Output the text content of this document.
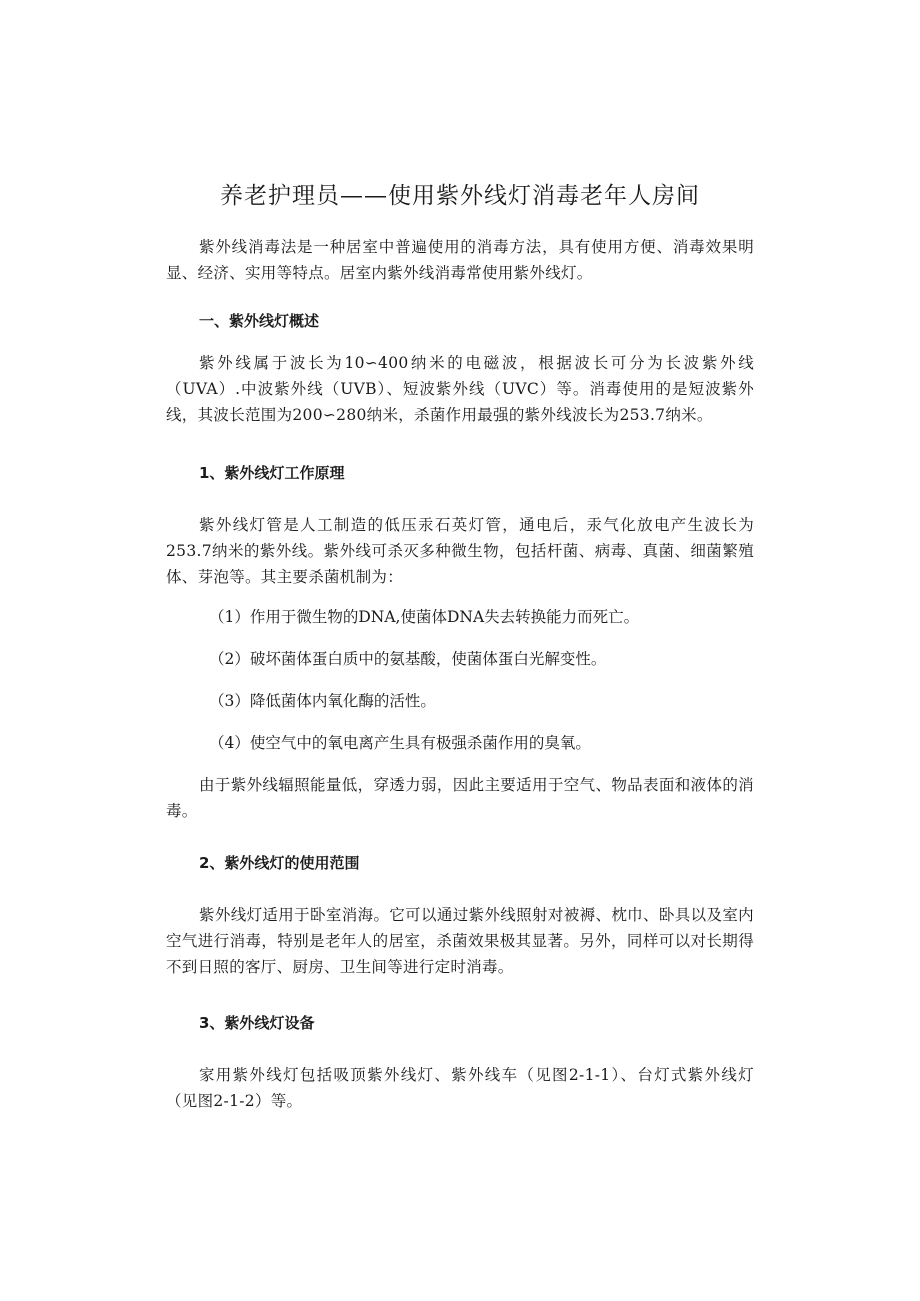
养老护理员——使用紫外线灯消毒老年人房间

紫外线消毒法是一种居室中普遍使用的消毒方法，具有使用方便、消毒效果明显、经济、实用等特点。居室内紫外线消毒常使用紫外线灯。

一、紫外线灯概述

紫外线属于波长为10∽400纳米的电磁波，根据波长可分为长波紫外线（UVA）.中波紫外线（UVB）、短波紫外线（UVC）等。消毒使用的是短波紫外线，其波长范围为200∽280纳米，杀菌作用最强的紫外线波长为253.7纳米。

1、紫外线灯工作原理

紫外线灯管是人工制造的低压汞石英灯管，通电后，汞气化放电产生波长为253.7纳米的紫外线。紫外线可杀灭多种微生物，包括杆菌、病毒、真菌、细菌繁殖体、芽泡等。其主要杀菌机制为：

（1）作用于微生物的DNA,使菌体DNA失去转换能力而死亡。

（2）破坏菌体蛋白质中的氨基酸，使菌体蛋白光解变性。

（3）降低菌体内氧化酶的活性。

（4）使空气中的氧电离产生具有极强杀菌作用的臭氧。

由于紫外线辐照能量低，穿透力弱，因此主要适用于空气、物品表面和液体的消毒。

2、紫外线灯的使用范围

紫外线灯适用于卧室消海。它可以通过紫外线照射对被褥、枕巾、卧具以及室内空气进行消毒，特别是老年人的居室，杀菌效果极其显著。另外，同样可以对长期得不到日照的客厅、厨房、卫生间等进行定时消毒。

3、紫外线灯设备

家用紫外线灯包括吸顶紫外线灯、紫外线车（见图2-1-1）、台灯式紫外线灯（见图2-1-2）等。
